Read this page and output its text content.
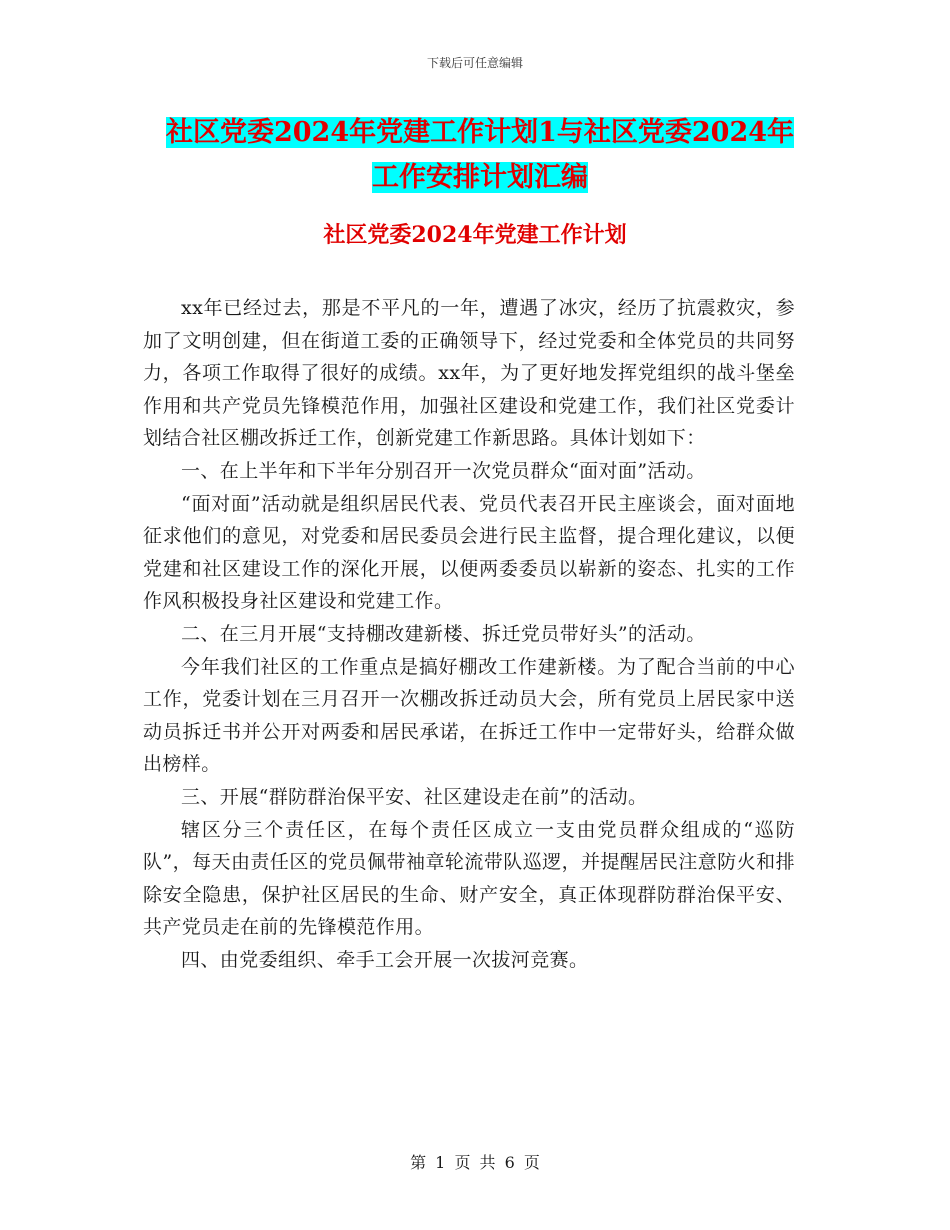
下载后可任意编辑
社区党委2024年党建工作计划1与社区党委2024年
工作安排计划汇编
社区党委2024年党建工作计划

xx年已经过去，那是不平凡的一年，遭遇了冰灾，经历了抗震救灾，参加了文明创建，但在街道工委的正确领导下，经过党委和全体党员的共同努力，各项工作取得了很好的成绩。xx年，为了更好地发挥党组织的战斗堡垒作用和共产党员先锋模范作用，加强社区建设和党建工作，我们社区党委计划结合社区棚改拆迁工作，创新党建工作新思路。具体计划如下：

一、在上半年和下半年分别召开一次党员群众“面对面”活动。

“面对面”活动就是组织居民代表、党员代表召开民主座谈会，面对面地征求他们的意见，对党委和居民委员会进行民主监督，提合理化建议，以便党建和社区建设工作的深化开展，以便两委委员以崭新的姿态、扎实的工作作风积极投身社区建设和党建工作。

二、在三月开展“支持棚改建新楼、拆迁党员带好头”的活动。

今年我们社区的工作重点是搞好棚改工作建新楼。为了配合当前的中心工作，党委计划在三月召开一次棚改拆迁动员大会，所有党员上居民家中送动员拆迁书并公开对两委和居民承诺，在拆迁工作中一定带好头，给群众做出榜样。

三、开展“群防群治保平安、社区建设走在前”的活动。

辖区分三个责任区，在每个责任区成立一支由党员群众组成的“巡防队”，每天由责任区的党员佩带袖章轮流带队巡逻，并提醒居民注意防火和排除安全隐患，保护社区居民的生命、财产安全，真正体现群防群治保平安、共产党员走在前的先锋模范作用。

四、由党委组织、牵手工会开展一次拔河竞赛。

第 1 页 共 6 页
